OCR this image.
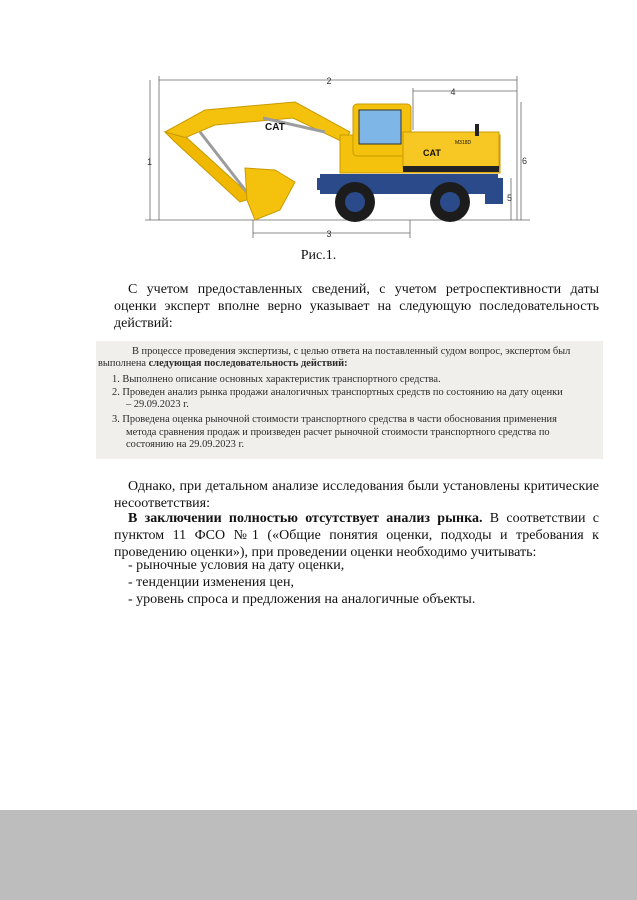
2
4
1
3
5
6
CAT
CAT
M318D
Рис.1.
С учетом предоставленных сведений, с учетом ретроспективности даты оценки эксперт вполне верно указывает на следующую последовательность действий:
В процессе проведения экспертизы, с целью ответа на поставленный судом вопрос, экспертом был
выполнена следующая последовательность действий:
1. Выполнено описание основных характеристик транспортного средства.
2. Проведен анализ рынка продажи аналогичных транспортных средств по состоянию на дату оценки
– 29.09.2023 г.
3. Проведена оценка рыночной стоимости транспортного средства в части обоснования применения
метода сравнения продаж и произведен расчет рыночной стоимости транспортного средства по
состоянию на 29.09.2023 г.
Однако, при детальном анализе исследования были установлены критические несоответствия:
В заключении полностью отсутствует анализ рынка. В соответствии с пунктом 11 ФСО №1 («Общие понятия оценки, подходы и требования к проведению оценки»), при проведении оценки необходимо учитывать:
- рыночные условия на дату оценки,
- тенденции изменения цен,
- уровень спроса и предложения на аналогичные объекты.
